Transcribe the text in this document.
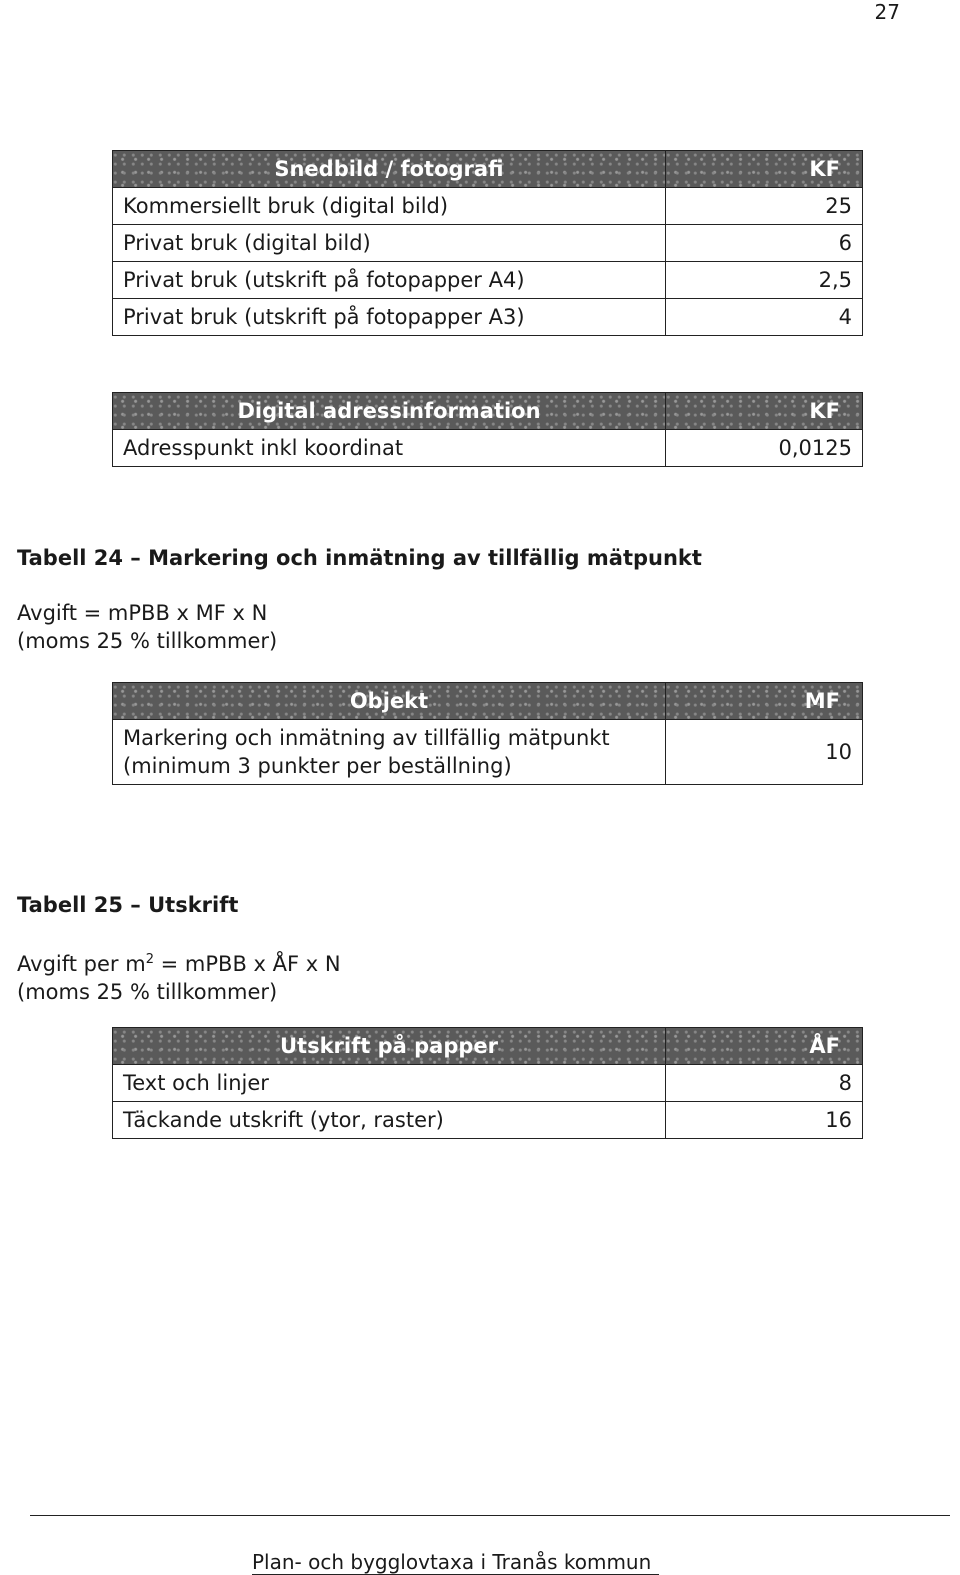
27
Snedbild / fotografi	KF
Kommersiellt bruk (digital bild)	25
Privat bruk (digital bild)	6
Privat bruk (utskrift på fotopapper A4)	2,5
Privat bruk (utskrift på fotopapper A3)	4
Digital adressinformation	KF
Adresspunkt inkl koordinat	0,0125
Tabell 24 – Markering och inmätning av tillfällig mätpunkt
Avgift = mPBB x MF x N
(moms 25 % tillkommer)
Objekt	MF

Markering och inmätning av tillfällig mätpunkt
(minimum 3 punkter per beställning)	10
Tabell 25 – Utskrift
Avgift per $m^2$ = mPBB x ÅF x N
(moms 25 % tillkommer)
Utskrift på papper	ÅF
Text och linjer	8
Täckande utskrift (ytor, raster)	16
Plan- och bygglovtaxa i Tranås kommun
